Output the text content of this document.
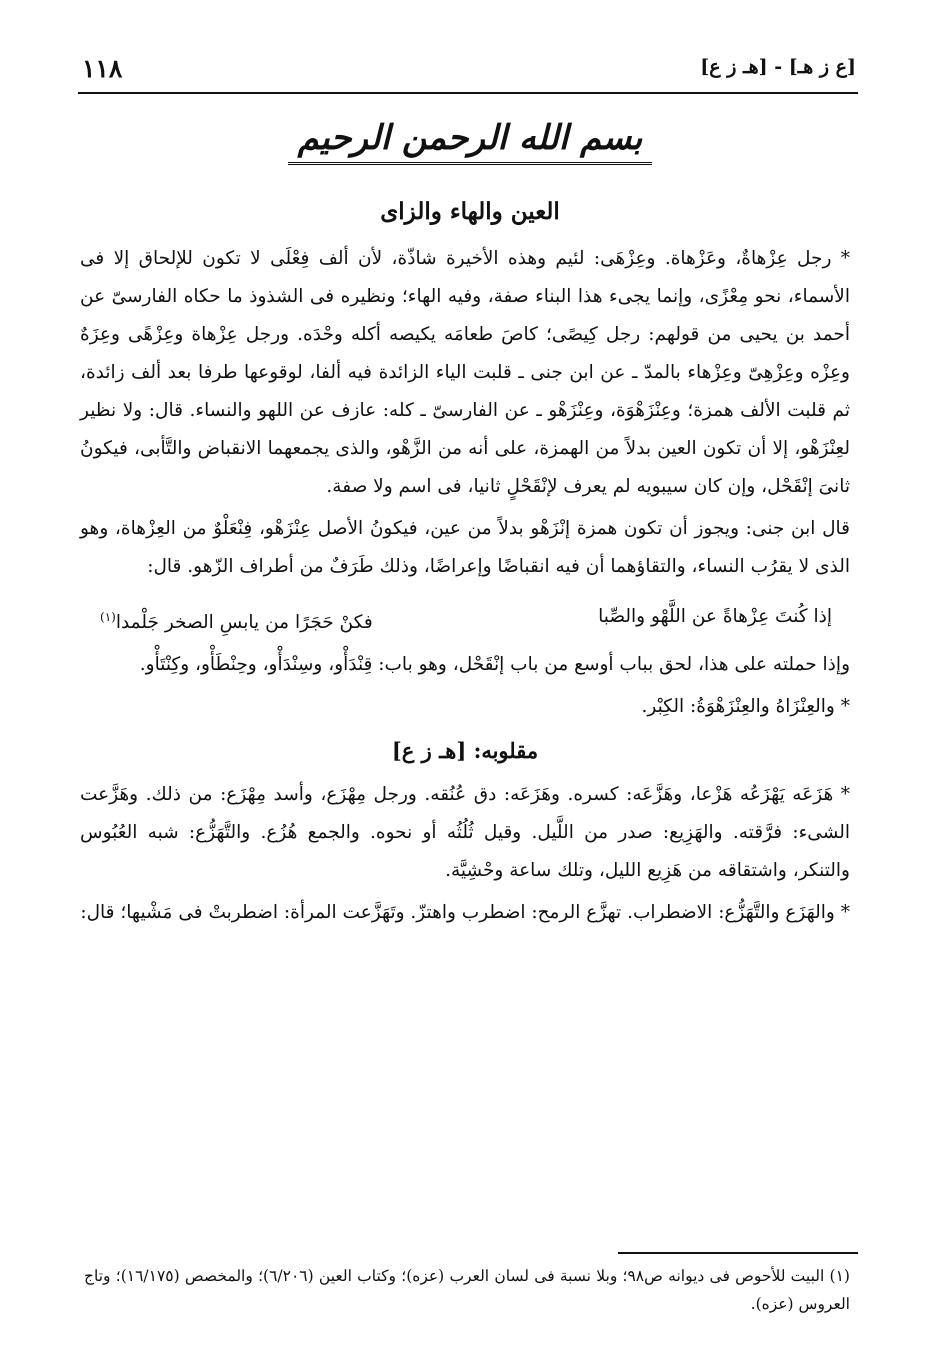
١١٨	[ع ز هـ] - [هـ ز ع]
بسم الله الرحمن الرحيم
العين والهاء والزاى

* رجل عِزْهاةٌ، وعَزْهاة. وعِزْهَى: لئيم وهذه الأخيرة شاذّة، لأن ألف فِعْلَى لا تكون للإلحاق إلا فى الأسماء، نحو مِعْزًى، وإنما يجىء هذا البناء صفة، وفيه الهاء؛ ونظيره فى الشذوذ ما حكاه الفارسىّ عن أحمد بن يحيى من قولهم: رجل كِيصًى؛ كاصَ طعامَه يكيصه أكله وحْدَه. ورجل عِزْهاة وعِزْهًى وعِزَهٌ وعِزْه وعِزْهِىّ وعِزْهاء بالمدّ ـ عن ابن جنى ـ قلبت الياء الزائدة فيه ألفا، لوقوعها طرفا بعد ألف زائدة، ثم قلبت الألف همزة؛ وعِنْزَهْوَة، وعِنْزَهْو ـ عن الفارسىّ ـ كله: عازف عن اللهو والنساء. قال: ولا نظير لعِنْزَهْو، إلا أن تكون العين بدلاً من الهمزة، على أنه من الزَّهْو، والذى يجمعهما الانقباض والتَّأبى، فيكونُ ثانىَ إنْقَحْل، وإن كان سيبويه لم يعرف لإنْقَحْلٍ ثانيا، فى اسم ولا صفة.

قال ابن جنى: ويجوز أن تكون همزة إنْزَهْو بدلاً من عين، فيكونُ الأصل عِنْزَهْو، فِنْعَلْوٌ من العِزْهاة، وهو الذى لا يقرُب النساء، والتقاؤهما أن فيه انقباضًا وإعراضًا، وذلك طَرَفٌ من أطراف الزّهو. قال:

إذا كُنتَ عِزْهاةً عن اللَّهْو والصِّبا
فكنْ حَجَرًا من يابسِ الصخر جَلْمدا$^{(١)}$

وإذا حملته على هذا، لحق بباب أوسع من باب إنْقَحْل، وهو باب: قِنْدَأْو، وسِنْدَأْو، وحِنْطَأْو، وكِنْتَأْو.

* والعِنْزَاهُ والعِنْزَهْوَةُ: الكِبْر.

مقلوبه: [هـ ز ع]

* هَزَعَه يَهْزَعُه هَزْعا، وهَزَّعَه: كسره. وهَزَعَه: دق عُنُقه. ورجل مِهْزَع، وأسد مِهْزَع: من ذلك. وهَزَّعت الشىء: فرَّقته. والهَزِيع: صدر من اللَّيل. وقيل ثُلُثُه أو نحوه. والجمع هُزُع. والتَّهَزُّع: شبه العُبُوس والتنكر، واشتقاقه من هَزِيع الليل، وتلك ساعة وحْشِيَّة.

* والهَزَع والتَّهَزُّع: الاضطراب. تهزَّع الرمح: اضطرب واهتزّ. وتَهَزَّعت المرأة: اضطربتْ فى مَشْيها؛ قال:

(١) البيت للأحوص فى ديوانه ص٩٨؛ وبلا نسبة فى لسان العرب (عزه)؛ وكتاب العين (٦/٢٠٦)؛ والمخصص (١٦/١٧٥)؛ وتاج العروس (عزه).
